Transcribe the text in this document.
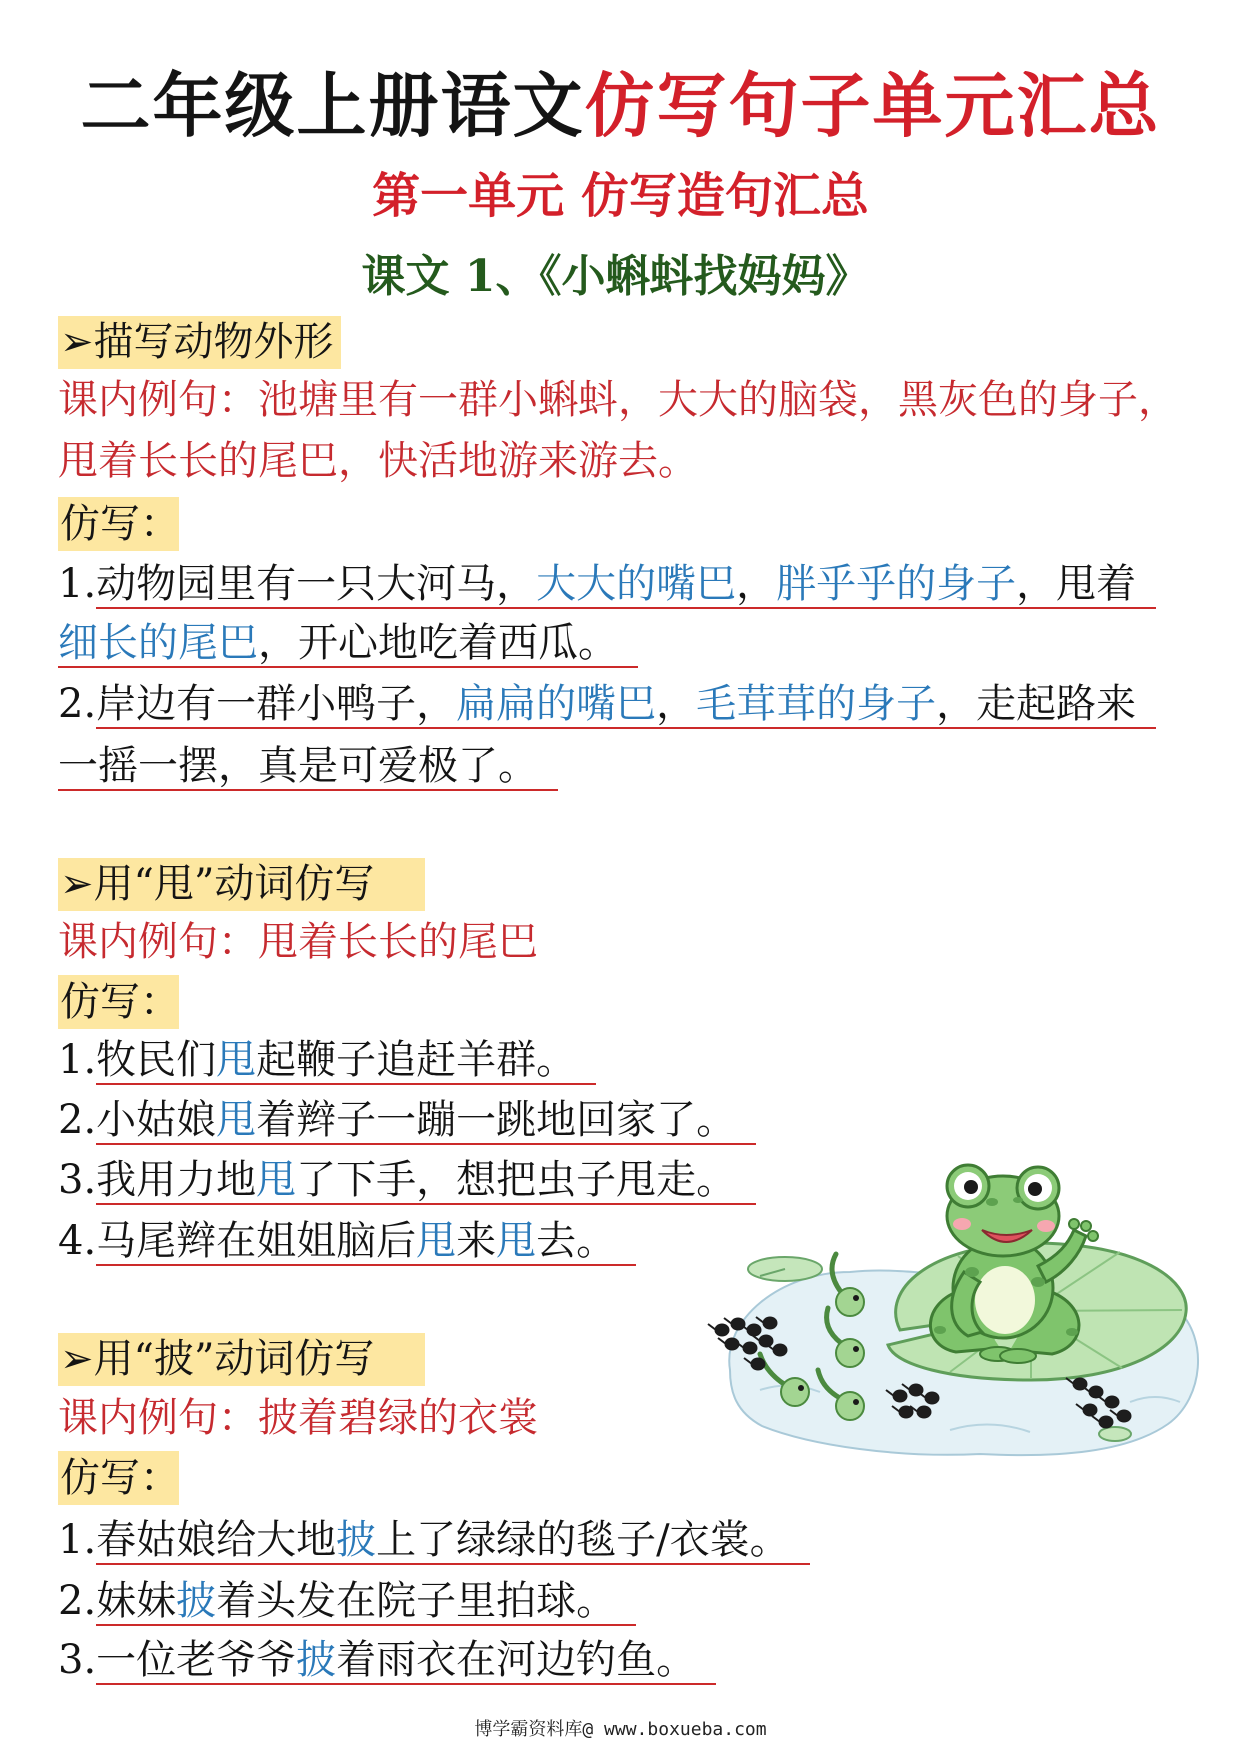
二年级上册语文仿写句子单元汇总
第一单元 仿写造句汇总
课文 1、《小蝌蚪找妈妈》
➢描写动物外形
课内例句：池塘里有一群小蝌蚪，大大的脑袋，黑灰色的身子，
甩着长长的尾巴，快活地游来游去。
仿写：
1.动物园里有一只大河马，大大的嘴巴，胖乎乎的身子，甩着
细长的尾巴，开心地吃着西瓜。
2.岸边有一群小鸭子，扁扁的嘴巴，毛茸茸的身子，走起路来
一摇一摆，真是可爱极了。
➢用“甩”动词仿写
课内例句：甩着长长的尾巴
仿写：
1.牧民们甩起鞭子追赶羊群。
2.小姑娘甩着辫子一蹦一跳地回家了。
3.我用力地甩了下手，想把虫子甩走。
4.马尾辫在姐姐脑后甩来甩去。
➢用“披”动词仿写
课内例句：披着碧绿的衣裳
仿写：
1.春姑娘给大地披上了绿绿的毯子/衣裳。
2.妹妹披着头发在院子里拍球。
3.一位老爷爷披着雨衣在河边钓鱼。
博学霸资料库@ www.boxueba.com
